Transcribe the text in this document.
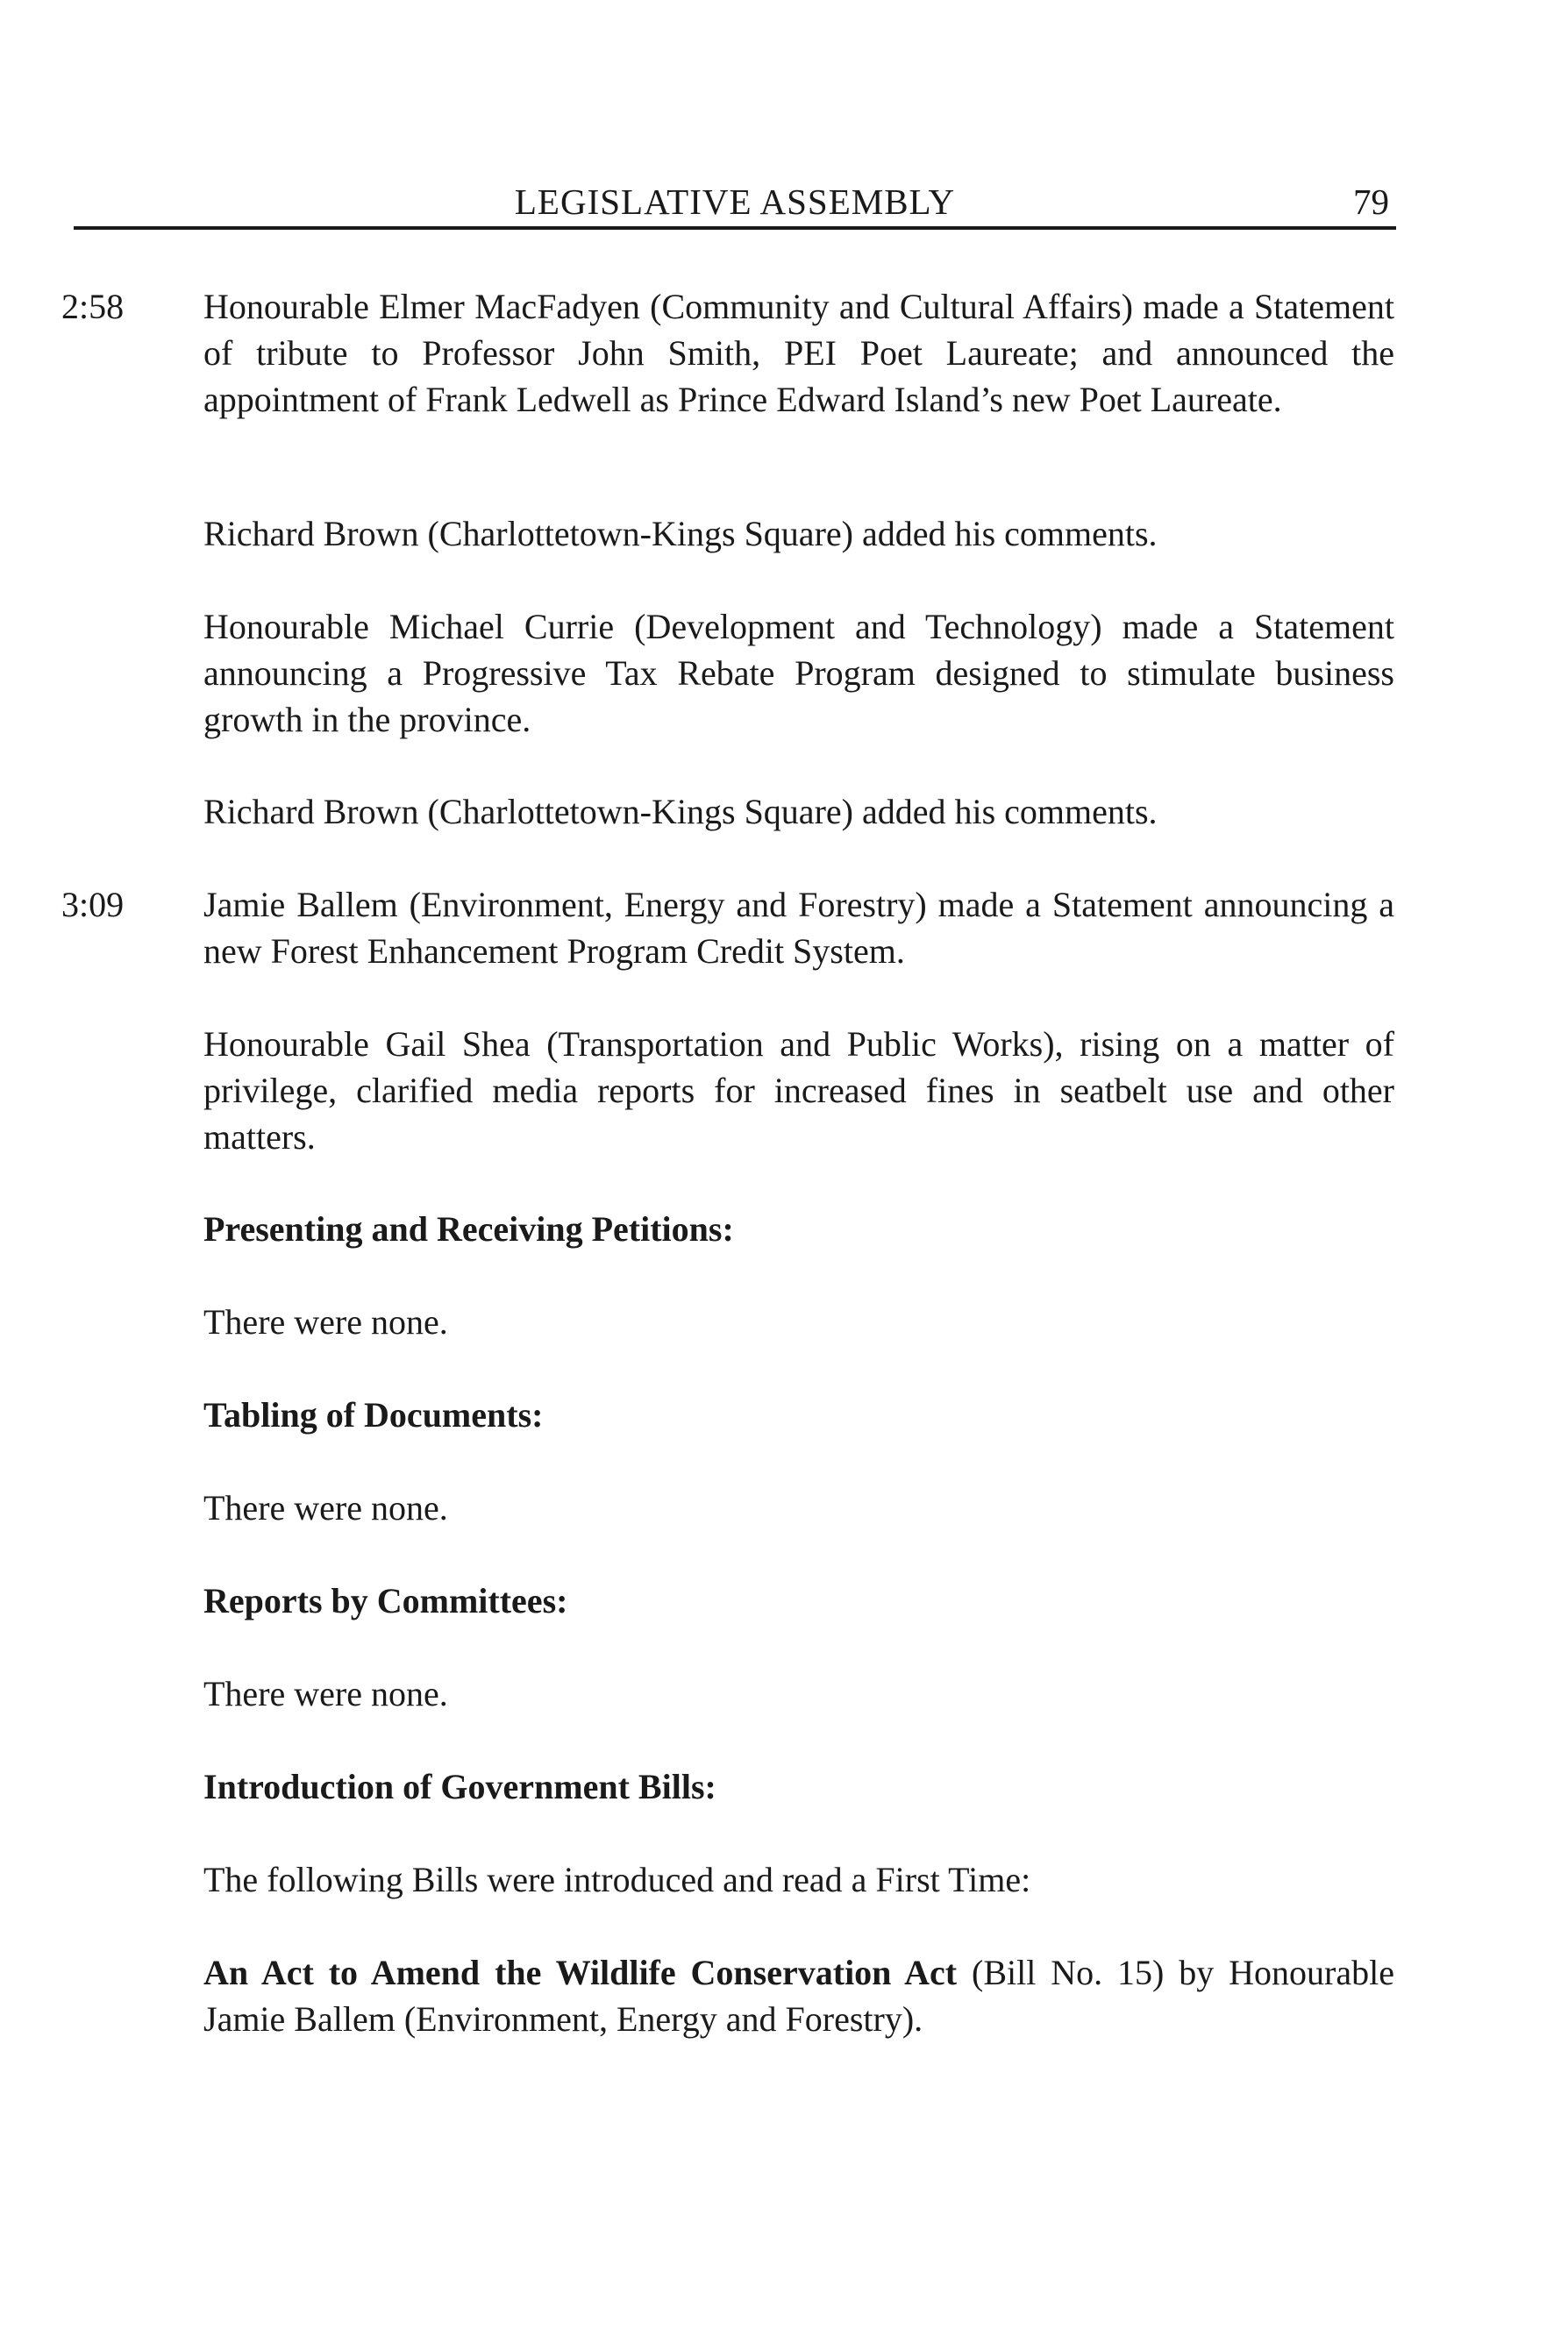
LEGISLATIVE ASSEMBLY	79

2:58 Honourable Elmer MacFadyen (Community and Cultural Affairs) made a Statement of tribute to Professor John Smith, PEI Poet Laureate; and announced the appointment of Frank Ledwell as Prince Edward Island’s new Poet Laureate.

Richard Brown (Charlottetown-Kings Square) added his comments.

Honourable Michael Currie (Development and Technology) made a Statement announcing a Progressive Tax Rebate Program designed to stimulate business growth in the province.

Richard Brown (Charlottetown-Kings Square) added his comments.

3:09 Jamie Ballem (Environment, Energy and Forestry) made a Statement announcing a new Forest Enhancement Program Credit System.

Honourable Gail Shea (Transportation and Public Works), rising on a matter of privilege, clarified media reports for increased fines in seatbelt use and other matters.

Presenting and Receiving Petitions:

There were none.

Tabling of Documents:

There were none.

Reports by Committees:

There were none.

Introduction of Government Bills:

The following Bills were introduced and read a First Time:

An Act to Amend the Wildlife Conservation Act (Bill No. 15) by Honourable Jamie Ballem (Environment, Energy and Forestry).
